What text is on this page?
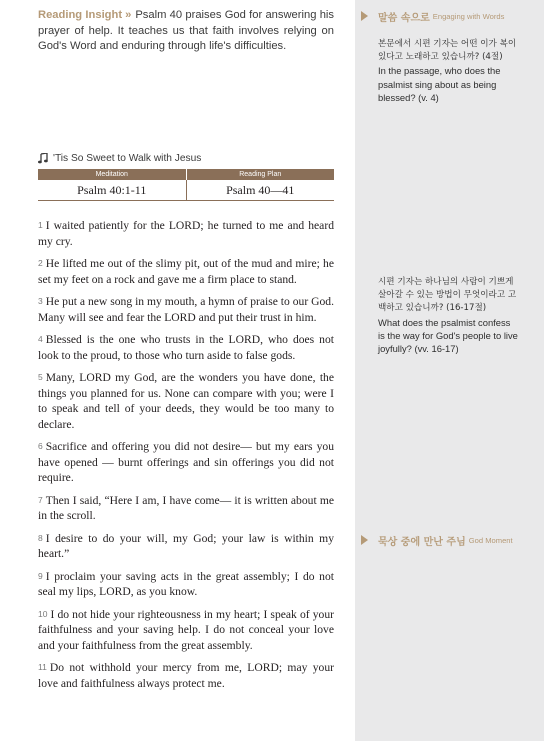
Reading Insight » Psalm 40 praises God for answering his prayer of help. It teaches us that faith involves relying on God's Word and enduring through life's difficulties.
'Tis So Sweet to Walk with Jesus
Meditation	Reading Plan
Psalm 40:1-11	Psalm 40—41

1 I waited patiently for the LORD; he turned to me and heard my cry.

2 He lifted me out of the slimy pit, out of the mud and mire; he set my feet on a rock and gave me a firm place to stand.

3 He put a new song in my mouth, a hymn of praise to our God. Many will see and fear the LORD and put their trust in him.

4 Blessed is the one who trusts in the LORD, who does not look to the proud, to those who turn aside to false gods.

5 Many, LORD my God, are the wonders you have done, the things you planned for us. None can compare with you; were I to speak and tell of your deeds, they would be too many to declare.

6 Sacrifice and offering you did not desire— but my ears you have opened — burnt offerings and sin offerings you did not require.

7 Then I said, “Here I am, I have come— it is written about me in the scroll.

8 I desire to do your will, my God; your law is within my heart.”

9 I proclaim your saving acts in the great assembly; I do not seal my lips, LORD, as you know.

10 I do not hide your righteousness in my heart; I speak of your faithfulness and your saving help. I do not conceal your love and your faithfulness from the great assembly.

11 Do not withhold your mercy from me, LORD; may your love and faithfulness always protect me.

말씀 속으로 Engaging with Words
본문에서 시편 기자는 어떤 이가 복이 있다고 노래하고 있습니까? (4절)
In the passage, who does the psalmist sing about as being blessed? (v. 4)
시편 기자는 하나님의 사람이 기쁘게 살아갈 수 있는 방법이 무엇이라고 고백하고 있습니까? (16-17절)
What does the psalmist confess is the way for God's people to live joyfully? (vv. 16-17)
묵상 중에 만난 주님 God Moment
